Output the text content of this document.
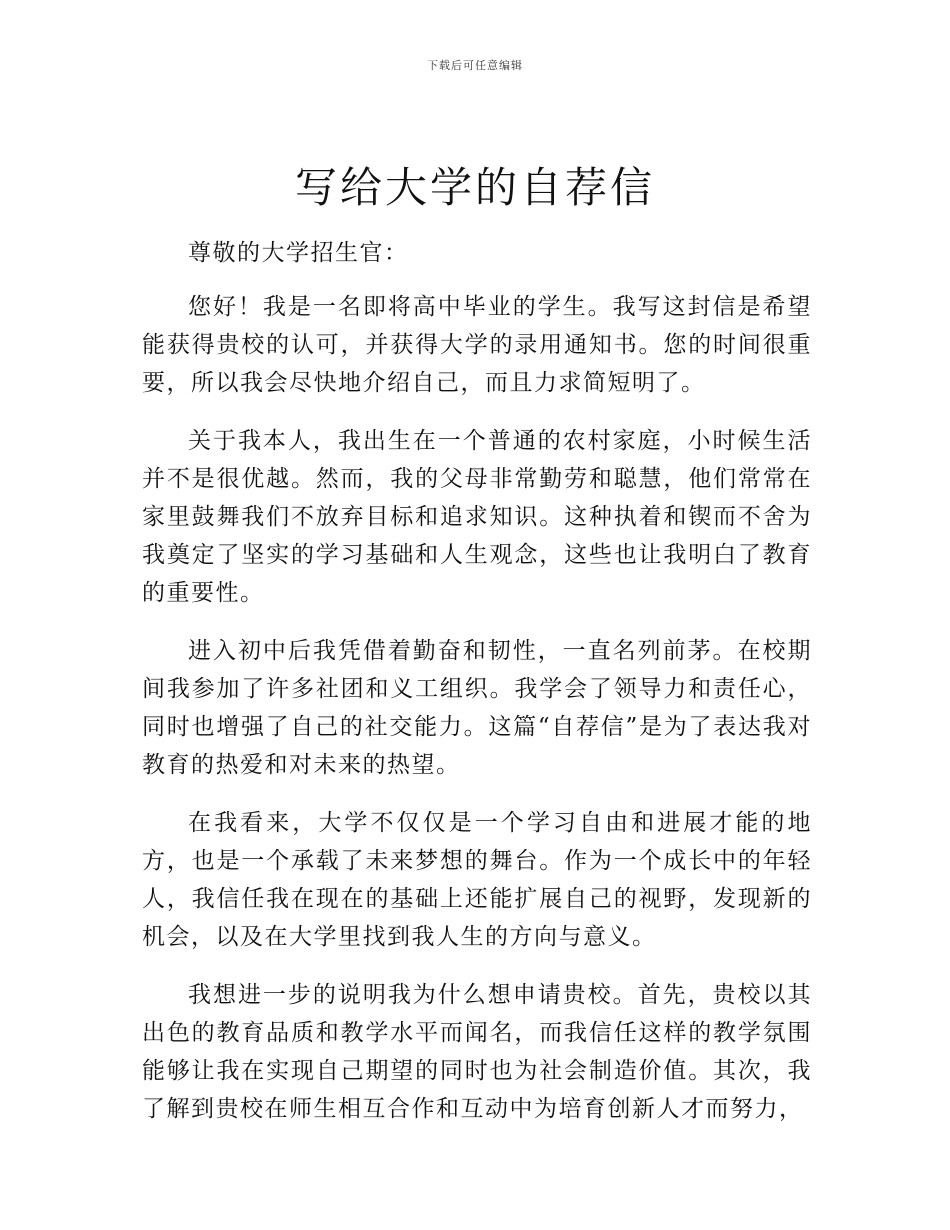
下载后可任意编辑
写给大学的自荐信

尊敬的大学招生官：

您好！我是一名即将高中毕业的学生。我写这封信是希望能获得贵校的认可，并获得大学的录用通知书。您的时间很重要，所以我会尽快地介绍自己，而且力求简短明了。

关于我本人，我出生在一个普通的农村家庭，小时候生活并不是很优越。然而，我的父母非常勤劳和聪慧，他们常常在家里鼓舞我们不放弃目标和追求知识。这种执着和锲而不舍为我奠定了坚实的学习基础和人生观念，这些也让我明白了教育的重要性。

进入初中后我凭借着勤奋和韧性，一直名列前茅。在校期间我参加了许多社团和义工组织。我学会了领导力和责任心，同时也增强了自己的社交能力。这篇“自荐信”是为了表达我对教育的热爱和对未来的热望。

在我看来，大学不仅仅是一个学习自由和进展才能的地方，也是一个承载了未来梦想的舞台。作为一个成长中的年轻人，我信任我在现在的基础上还能扩展自己的视野，发现新的机会，以及在大学里找到我人生的方向与意义。

我想进一步的说明我为什么想申请贵校。首先，贵校以其出色的教育品质和教学水平而闻名，而我信任这样的教学氛围能够让我在实现自己期望的同时也为社会制造价值。其次，我了解到贵校在师生相互合作和互动中为培育创新人才而努力，
